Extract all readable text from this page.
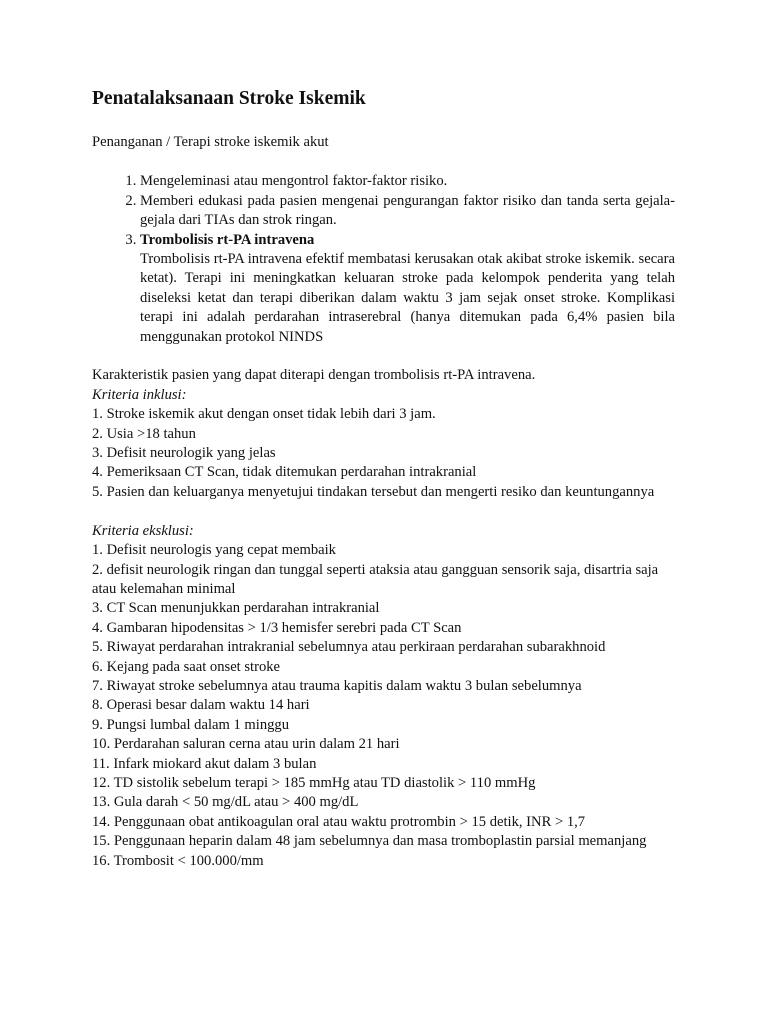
Penatalaksanaan Stroke Iskemik
Penanganan / Terapi stroke iskemik akut
1. Mengeleminasi atau mengontrol faktor-faktor risiko.
2. Memberi edukasi pada pasien mengenai pengurangan faktor risiko dan tanda serta gejala-gejala dari TIAs dan strok ringan.
3. Trombolisis rt-PA intravena
Trombolisis rt-PA intravena efektif membatasi kerusakan otak akibat stroke iskemik. secara ketat). Terapi ini meningkatkan keluaran stroke pada kelompok penderita yang telah diseleksi ketat dan terapi diberikan dalam waktu 3 jam sejak onset stroke. Komplikasi terapi ini adalah perdarahan intraserebral (hanya ditemukan pada 6,4% pasien bila menggunakan protokol NINDS
Karakteristik pasien yang dapat diterapi dengan trombolisis rt-PA intravena.
Kriteria inklusi:
1. Stroke iskemik akut dengan onset tidak lebih dari 3 jam.
2. Usia >18 tahun
3. Defisit neurologik yang jelas
4. Pemeriksaan CT Scan, tidak ditemukan perdarahan intrakranial
5. Pasien dan keluarganya menyetujui tindakan tersebut dan mengerti resiko dan keuntungannya
Kriteria eksklusi:
1. Defisit neurologis yang cepat membaik
2. defisit neurologik ringan dan tunggal seperti ataksia atau gangguan sensorik saja, disartria saja atau kelemahan minimal
3. CT Scan menunjukkan perdarahan intrakranial
4. Gambaran hipodensitas > 1/3 hemisfer serebri pada CT Scan
5. Riwayat perdarahan intrakranial sebelumnya atau perkiraan perdarahan subarakhnoid
6. Kejang pada saat onset stroke
7. Riwayat stroke sebelumnya atau trauma kapitis dalam waktu 3 bulan sebelumnya
8. Operasi besar dalam waktu 14 hari
9. Pungsi lumbal dalam 1 minggu
10. Perdarahan saluran cerna atau urin dalam 21 hari
11. Infark miokard akut dalam 3 bulan
12. TD sistolik sebelum terapi > 185 mmHg atau TD diastolik > 110 mmHg
13. Gula darah < 50 mg/dL atau > 400 mg/dL
14. Penggunaan obat antikoagulan oral atau waktu protrombin > 15 detik, INR > 1,7
15. Penggunaan heparin dalam 48 jam sebelumnya dan masa tromboplastin parsial memanjang
16. Trombosit < 100.000/mm
